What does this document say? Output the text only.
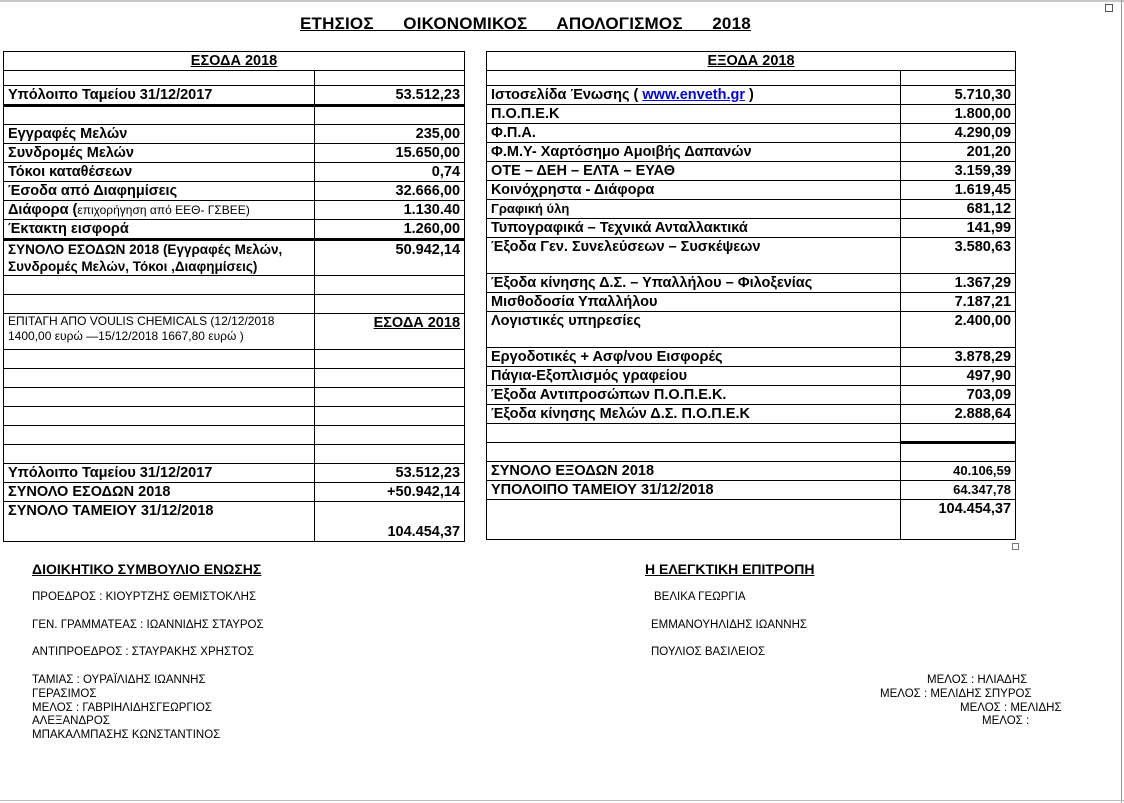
ΕΤΗΣΙΟΣ      ΟΙΚΟΝΟΜΙΚΟΣ      ΑΠΟΛΟΓΙΣΜΟΣ      2018
ΕΣΟΔΑ 2018	

Υπόλοιπο Ταμείου 31/12/2017	53.512,23

Εγγραφές Μελών	235,00
Συνδρομές Μελών	15.650,00
Τόκοι καταθέσεων	0,74
Έσοδα από Διαφημίσεις	32.666,00
Διάφορα (επιχορήγηση από ΕΕΘ- ΓΣΒΕΕ)	1.130.40
Έκτακτη εισφορά	1.260,00
ΣΥΝΟΛΟ ΕΣΟΔΩΝ 2018 (Εγγραφές Μελών, Συνδρομές Μελών, Τόκοι ,Διαφημίσεις)	50.942,14

ΕΠΙΤΑΓΗ ΑΠΟ VOULIS CHEMICALS (12/12/2018 1400,00 ευρώ —15/12/2018 1667,80 ευρώ )	ΕΣΟΔΑ 2018

Υπόλοιπο Ταμείου 31/12/2017	53.512,23
ΣΥΝΟΛΟ ΕΣΟΔΩΝ 2018	+50.942,14
ΣΥΝΟΛΟ ΤΑΜΕΙΟΥ 31/12/2018	104.454,37
ΕΞΟΔΑ 2018	

Ιστοσελίδα Ένωσης ( www.enveth.gr )	5.710,30
Π.Ο.Π.Ε.Κ	1.800,00
Φ.Π.Α.	4.290,09
Φ.Μ.Υ- Χαρτόσημο Αμοιβής Δαπανών	201,20
ΟΤΕ – ΔΕΗ – ΕΛΤΑ – ΕΥΑΘ	3.159,39
Κοινόχρηστα - Διάφορα	1.619,45
Γραφική ύλη	681,12
Τυπογραφικά – Τεχνικά Ανταλλακτικά	141,99
Έξοδα Γεν. Συνελεύσεων – Συσκέψεων	3.580,63
Έξοδα κίνησης Δ.Σ. – Υπαλλήλου – Φιλοξενίας	1.367,29
Μισθοδοσία Υπαλλήλου	7.187,21
Λογιστικές υπηρεσίες	2.400,00
Εργοδοτικές + Ασφ/νου Εισφορές	3.878,29
Πάγια-Εξοπλισμός γραφείου	497,90
Έξοδα Αντιπροσώπων Π.Ο.Π.Ε.Κ.	703,09
Έξοδα κίνησης Μελών Δ.Σ. Π.Ο.Π.Ε.Κ	2.888,64

ΣΥΝΟΛΟ ΕΞΟΔΩΝ 2018	40.106,59
ΥΠΟΛΟΙΠΟ ΤΑΜΕΙΟΥ 31/12/2018	64.347,78
	104.454,37
ΔΙΟΙΚΗΤΙΚΟ ΣΥΜΒΟΥΛΙΟ ΕΝΩΣΗΣ
ΠΡΟΕΔΡΟΣ : ΚΙΟΥΡΤΖΗΣ ΘΕΜΙΣΤΟΚΛΗΣ
ΓΕΝ. ΓΡΑΜΜΑΤΕΑΣ : ΙΩΑΝΝΙΔΗΣ ΣΤΑΥΡΟΣ
ΑΝΤΙΠΡΟΕΔΡΟΣ : ΣΤΑΥΡΑΚΗΣ ΧΡΗΣΤΟΣ
ΤΑΜΙΑΣ : ΟΥΡΑΪΛΙΔΗΣ ΙΩΑΝΝΗΣ
ΓΕΡΑΣΙΜΟΣ
ΜΕΛΟΣ : ΓΑΒΡΙΗΛΙΔΗΣΓΕΩΡΓΙΟΣ
ΑΛΕΞΑΝΔΡΟΣ
ΜΠΑΚΑΛΜΠΑΣΗΣ ΚΩΝΣΤΑΝΤΙΝΟΣ
Η ΕΛΕΓΚΤΙΚΗ ΕΠΙΤΡΟΠΗ
ΒΕΛΙΚΑ ΓΕΩΡΓΙΑ
ΕΜΜΑΝΟΥΗΛΙΔΗΣ ΙΩΑΝΝΗΣ
ΠΟΥΛΙΟΣ ΒΑΣΙΛΕΙΟΣ
ΜΕΛΟΣ : ΗΛΙΑΔΗΣ
ΜΕΛΟΣ : ΜΕΛΙΔΗΣ ΣΠΥΡΟΣ
ΜΕΛΟΣ : ΜΕΛΙΔΗΣ
ΜΕΛΟΣ :
